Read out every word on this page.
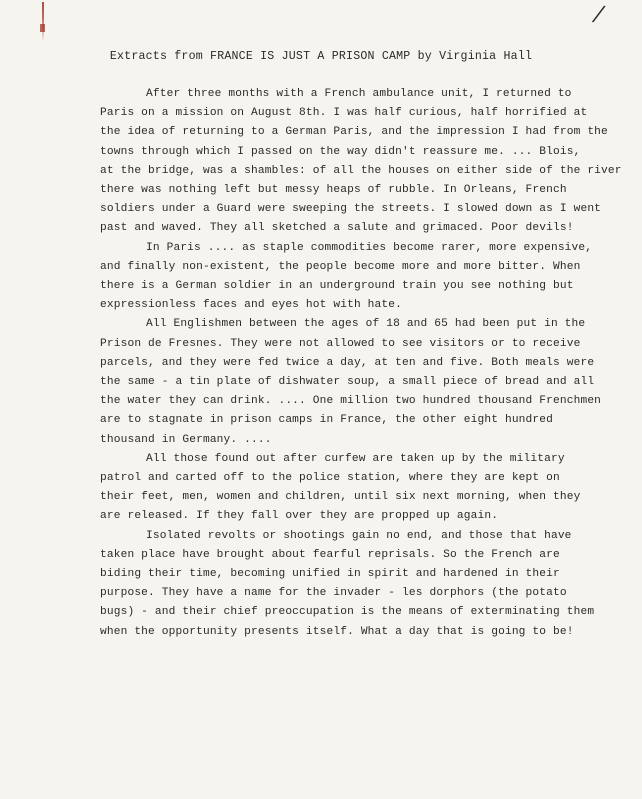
/
Extracts from FRANCE IS JUST A PRISON CAMP by Virginia Hall
After three months with a French ambulance unit, I returned to
Paris on a mission on August 8th. I was half curious, half horrified at
the idea of returning to a German Paris, and the impression I had from the
towns through which I passed on the way didn't reassure me. ... Blois,
at the bridge, was a shambles: of all the houses on either side of the river
there was nothing left but messy heaps of rubble. In Orleans, French
soldiers under a Guard were sweeping the streets. I slowed down as I went
past and waved. They all sketched a salute and grimaced. Poor devils!
In Paris .... as staple commodities become rarer, more expensive,
and finally non-existent, the people become more and more bitter. When
there is a German soldier in an underground train you see nothing but
expressionless faces and eyes hot with hate.
All Englishmen between the ages of 18 and 65 had been put in the
Prison de Fresnes. They were not allowed to see visitors or to receive
parcels, and they were fed twice a day, at ten and five. Both meals were
the same - a tin plate of dishwater soup, a small piece of bread and all
the water they can drink. .... One million two hundred thousand Frenchmen
are to stagnate in prison camps in France, the other eight hundred
thousand in Germany. ....
All those found out after curfew are taken up by the military
patrol and carted off to the police station, where they are kept on
their feet, men, women and children, until six next morning, when they
are released. If they fall over they are propped up again.
Isolated revolts or shootings gain no end, and those that have
taken place have brought about fearful reprisals. So the French are
biding their time, becoming unified in spirit and hardened in their
purpose. They have a name for the invader - les dorphors (the potato
bugs) - and their chief preoccupation is the means of exterminating them
when the opportunity presents itself. What a day that is going to be!
